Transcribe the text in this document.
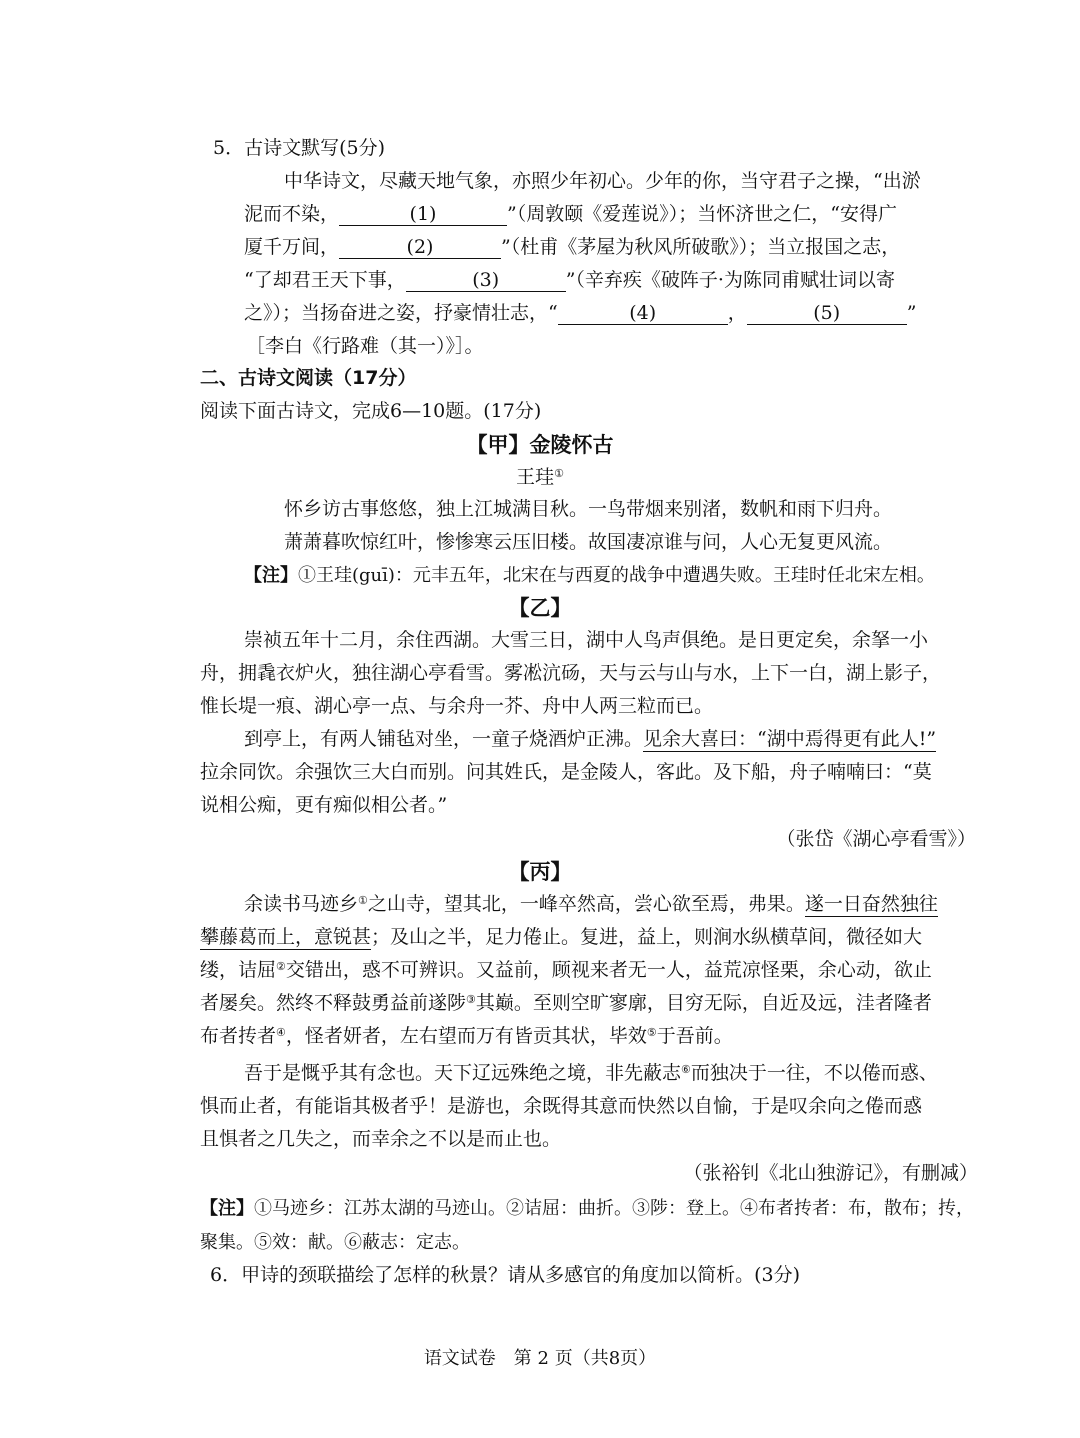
5．古诗文默写(5分)
中华诗文，尽藏天地气象，亦照少年初心。少年的你，当守君子之操，“出淤
泥而不染，	(1)	”（周敦颐《爱莲说》）；当怀济世之仁，“安得广
厦千万间，	(2)	”（杜甫《茅屋为秋风所破歌》）；当立报国之志，
“了却君王天下事，	(3)	”（辛弃疾《破阵子·为陈同甫赋壮词以寄
之》）；当扬奋进之姿，抒豪情壮志，“	(4)	，	(5)	”
［李白《行路难（其一）》］。
二、古诗文阅读（17分）
阅读下面古诗文，完成6—10题。(17分)
【甲】金陵怀古
王珪①
怀乡访古事悠悠，独上江城满目秋。一鸟带烟来别渚，数帆和雨下归舟。
萧萧暮吹惊红叶，惨惨寒云压旧楼。故国凄凉谁与问，人心无复更风流。
【注】①王珪(guī)：元丰五年，北宋在与西夏的战争中遭遇失败。王珪时任北宋左相。
【乙】
崇祯五年十二月，余住西湖。大雪三日，湖中人鸟声俱绝。是日更定矣，余拏一小
舟，拥毳衣炉火，独往湖心亭看雪。雾凇沆砀，天与云与山与水，上下一白，湖上影子，
惟长堤一痕、湖心亭一点、与余舟一芥、舟中人两三粒而已。
到亭上，有两人铺毡对坐，一童子烧酒炉正沸。见余大喜曰：“湖中焉得更有此人!”
拉余同饮。余强饮三大白而别。问其姓氏，是金陵人，客此。及下船，舟子喃喃曰：“莫
说相公痴，更有痴似相公者。”
（张岱《湖心亭看雪》）
【丙】
余读书马迹乡①之山寺，望其北，一峰卒然高，尝心欲至焉，弗果。遂一日奋然独往
攀藤葛而上，意锐甚；及山之半，足力倦止。复进，益上，则涧水纵横草间，微径如大
缕，诘屈②交错出，惑不可辨识。又益前，顾视来者无一人，益荒凉怪栗，余心动，欲止
者屡矣。然终不释鼓勇益前遂陟③其巅。至则空旷寥廓，目穷无际，自近及远，洼者隆者
布者抟者④，怪者妍者，左右望而万有皆贡其状，毕效⑤于吾前。
吾于是慨乎其有念也。天下辽远殊绝之境，非先蔽志⑥而独决于一往，不以倦而惑、
惧而止者，有能诣其极者乎！是游也，余既得其意而快然以自愉，于是叹余向之倦而惑
且惧者之几失之，而幸余之不以是而止也。
（张裕钊《北山独游记》，有删减）
【注】①马迹乡：江苏太湖的马迹山。②诘屈：曲折。③陟：登上。④布者抟者：布，散布；抟，
聚集。⑤效：献。⑥蔽志：定志。
6．甲诗的颈联描绘了怎样的秋景？请从多感官的角度加以简析。(3分)
语文试卷　第 2 页（共8页）
